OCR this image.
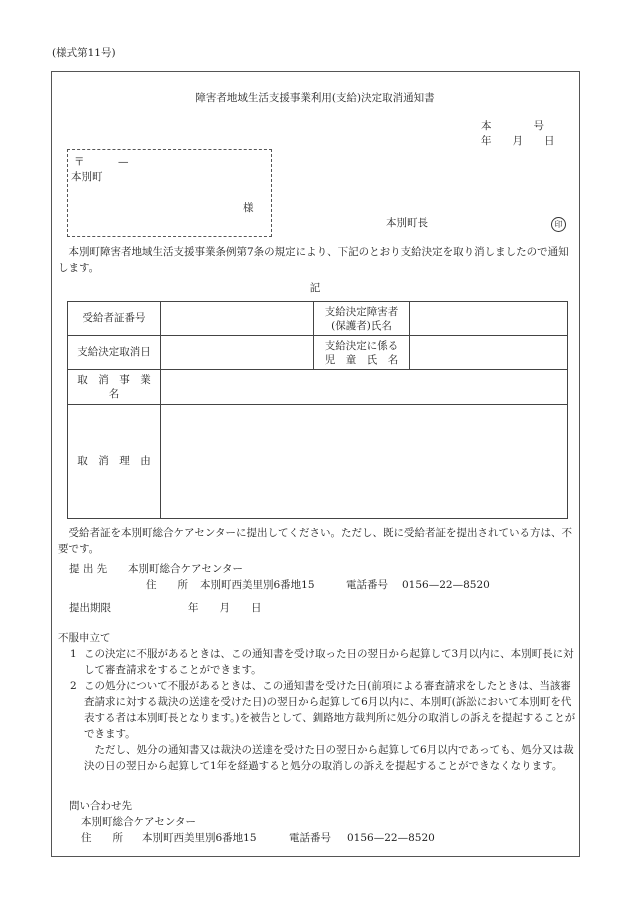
(様式第11号)
障害者地域生活支援事業利用(支給)決定取消通知書
本　　　　号
年　　月　　日
〒	—
本別町
様
本別町長	印
本別町障害者地域生活支援事業条例第7条の規定により、下記のとおり支給決定を取り消しましたので通知します。
記
受給者証番号		支給決定障害者
(保護者)氏名	

支給決定取消日		支給決定に係る
児　童　氏　名	

取　消　事　業　名			
取　消　理　由			
受給者証を本別町総合ケアセンターに提出してください。ただし、既に受給者証を提出されている方は、不要です。
提 出 先 本別町総合ケアセンター
住　　所 本別町西美里別6番地15	電話番号 0156—22—8520
提出期限	年　　月　　日
不服申立て
1 この決定に不服があるときは、この通知書を受け取った日の翌日から起算して3月以内に、本別町長に対して審査請求をすることができます。
2 この処分について不服があるときは、この通知書を受けた日(前項による審査請求をしたときは、当該審査請求に対する裁決の送達を受けた日)の翌日から起算して6月以内に、本別町(訴訟において本別町を代表する者は本別町長となります。)を被告として、釧路地方裁判所に処分の取消しの訴えを提起することができます。
ただし、処分の通知書又は裁決の送達を受けた日の翌日から起算して6月以内であっても、処分又は裁決の日の翌日から起算して1年を経過すると処分の取消しの訴えを提起することができなくなります。
問い合わせ先
本別町総合ケアセンター
住　　所 本別町西美里別6番地15	電話番号 0156—22—8520
